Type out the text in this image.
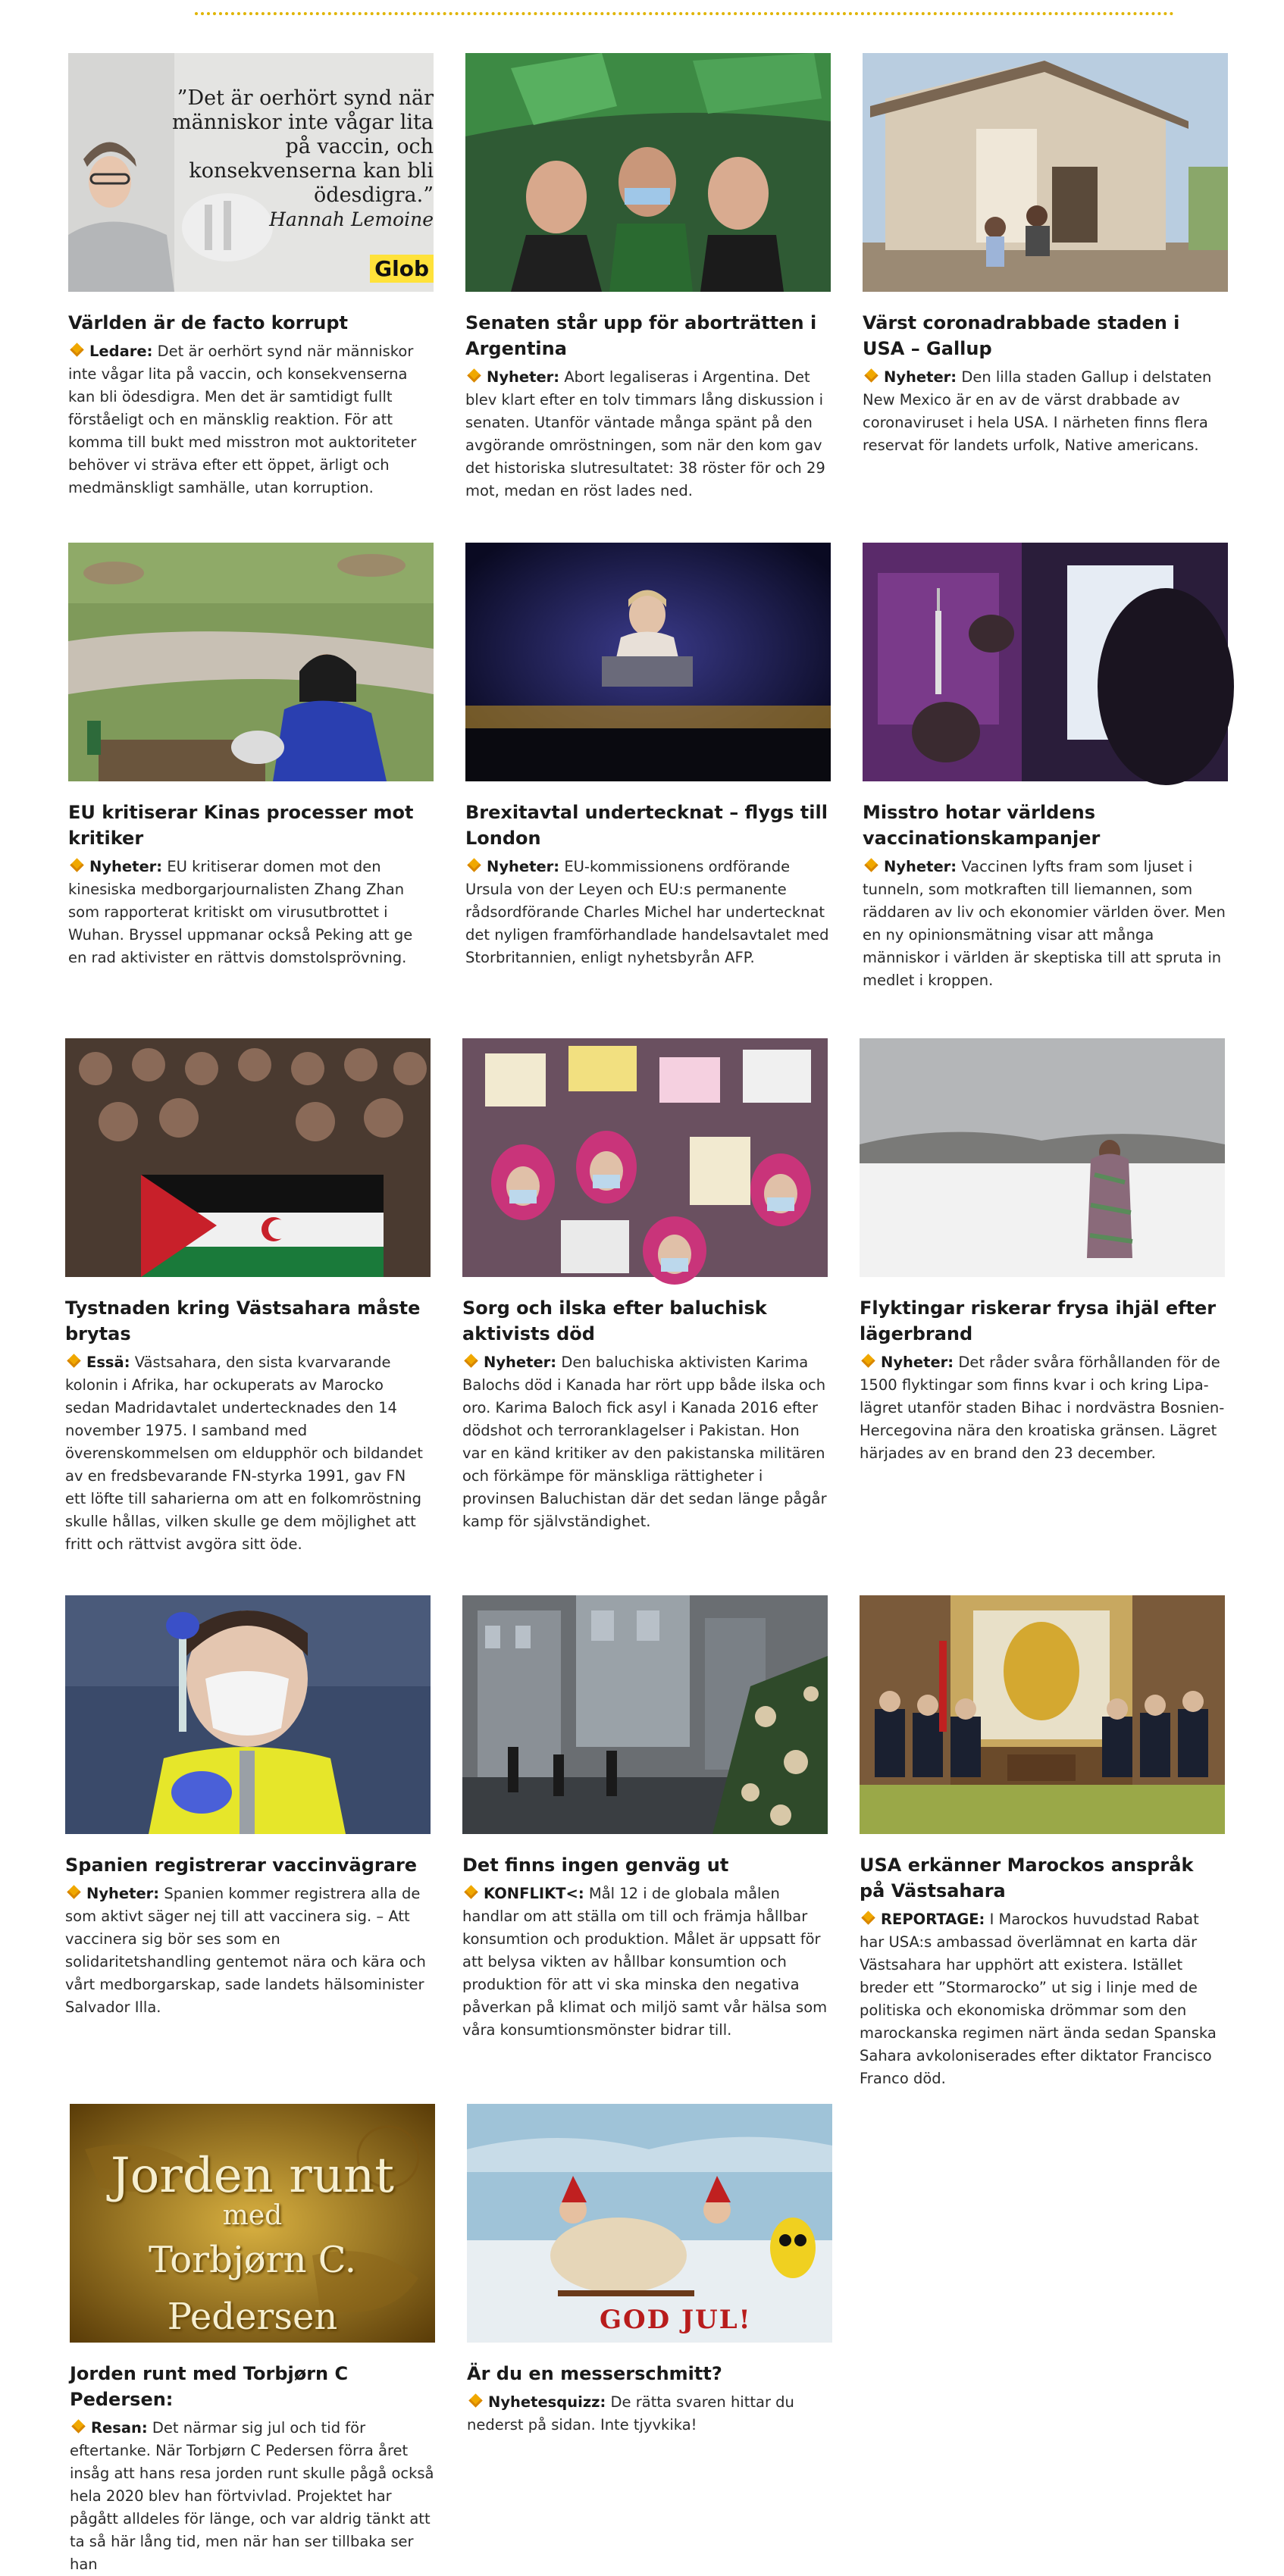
”Det är oerhört synd när människor inte vågar lita på vaccin, och konsekvenserna kan bli ödesdigra.”
Hannah Lemoine
Glob
Världen är de facto korrupt

Ledare: Det är oerhört synd när människor inte vågar lita på vaccin, och konsekvenserna kan bli ödesdigra. Men det är samtidigt fullt förståeligt och en mänsklig reaktion. För att komma till bukt med misstron mot auktoriteter behöver vi sträva efter ett öppet, ärligt och medmänskligt samhälle, utan korruption.

Senaten står upp för aborträtten i Argentina

Nyheter: Abort legaliseras i Argentina. Det blev klart efter en tolv timmars lång diskussion i senaten. Utanför väntade många spänt på den avgörande omröstningen, som när den kom gav det historiska slutresultatet: 38 röster för och 29 mot, medan en röst lades ned.

Värst coronadrabbade staden i USA – Gallup

Nyheter: Den lilla staden Gallup i delstaten New Mexico är en av de värst drabbade av coronaviruset i hela USA. I närheten finns flera reservat för landets urfolk, Native americans.

EU kritiserar Kinas processer mot kritiker

Nyheter: EU kritiserar domen mot den kinesiska medborgarjournalisten Zhang Zhan som rapporterat kritiskt om virusutbrottet i Wuhan. Bryssel uppmanar också Peking att ge en rad aktivister en rättvis domstolsprövning.

Brexitavtal undertecknat – flygs till London

Nyheter: EU-kommissionens ordförande Ursula von der Leyen och EU:s permanente rådsordförande Charles Michel har undertecknat det nyligen framförhandlade handelsavtalet med Storbritannien, enligt nyhetsbyrån AFP.

Misstro hotar världens vaccinationskampanjer

Nyheter: Vaccinen lyfts fram som ljuset i tunneln, som motkraften till liemannen, som räddaren av liv och ekonomier världen över. Men en ny opinionsmätning visar att många människor i världen är skeptiska till att spruta in medlet i kroppen.

Tystnaden kring Västsahara måste brytas

Essä: Västsahara, den sista kvarvarande kolonin i Afrika, har ockuperats av Marocko sedan Madridavtalet undertecknades den 14 november 1975. I samband med överenskommelsen om eldupphör och bildandet av en fredsbevarande FN-styrka 1991, gav FN ett löfte till saharierna om att en folkomröstning skulle hållas, vilken skulle ge dem möjlighet att fritt och rättvist avgöra sitt öde.

Sorg och ilska efter baluchisk aktivists död

Nyheter: Den baluchiska aktivisten Karima Balochs död i Kanada har rört upp både ilska och oro. Karima Baloch fick asyl i Kanada 2016 efter dödshot och terroranklagelser i Pakistan. Hon var en känd kritiker av den pakistanska militären och förkämpe för mänskliga rättigheter i provinsen Baluchistan där det sedan länge pågår kamp för självständighet.

Flyktingar riskerar frysa ihjäl efter lägerbrand

Nyheter: Det råder svåra förhållanden för de 1500 flyktingar som finns kvar i och kring Lipa-lägret utanför staden Bihac i nordvästra Bosnien-Hercegovina nära den kroatiska gränsen. Lägret härjades av en brand den 23 december.

Spanien registrerar vaccinvägrare

Nyheter: Spanien kommer registrera alla de som aktivt säger nej till att vaccinera sig. – Att vaccinera sig bör ses som en solidaritetshandling gentemot nära och kära och vårt medborgarskap, sade landets hälsominister Salvador Illa.

Det finns ingen genväg ut

KONFLIKT<: Mål 12 i de globala målen handlar om att ställa om till och främja hållbar konsumtion och produktion. Målet är uppsatt för att belysa vikten av hållbar konsumtion och produktion för att vi ska minska den negativa påverkan på klimat och miljö samt vår hälsa som våra konsumtionsmönster bidrar till.

USA erkänner Marockos anspråk på Västsahara

REPORTAGE: I Marockos huvudstad Rabat har USA:s ambassad överlämnat en karta där Västsahara har upphört att existera. Istället breder ett ”Stormarocko” ut sig i linje med de politiska och ekonomiska drömmar som den marockanska regimen närt ända sedan Spanska Sahara avkoloniserades efter diktator Francisco Franco död.

Jorden runt
med
Torbjørn C. Pedersen
Jorden runt med Torbjørn C Pedersen:

Resan: Det närmar sig jul och tid för eftertanke. När Torbjørn C Pedersen förra året insåg att hans resa jorden runt skulle pågå också hela 2020 blev han förtvivlad. Projektet har pågått alldeles för länge, och var aldrig tänkt att ta så här lång tid, men när han ser tillbaka ser han

GOD JUL!
Är du en messerschmitt?

Nyhetesquizz: De rätta svaren hittar du nederst på sidan. Inte tjyvkika!
